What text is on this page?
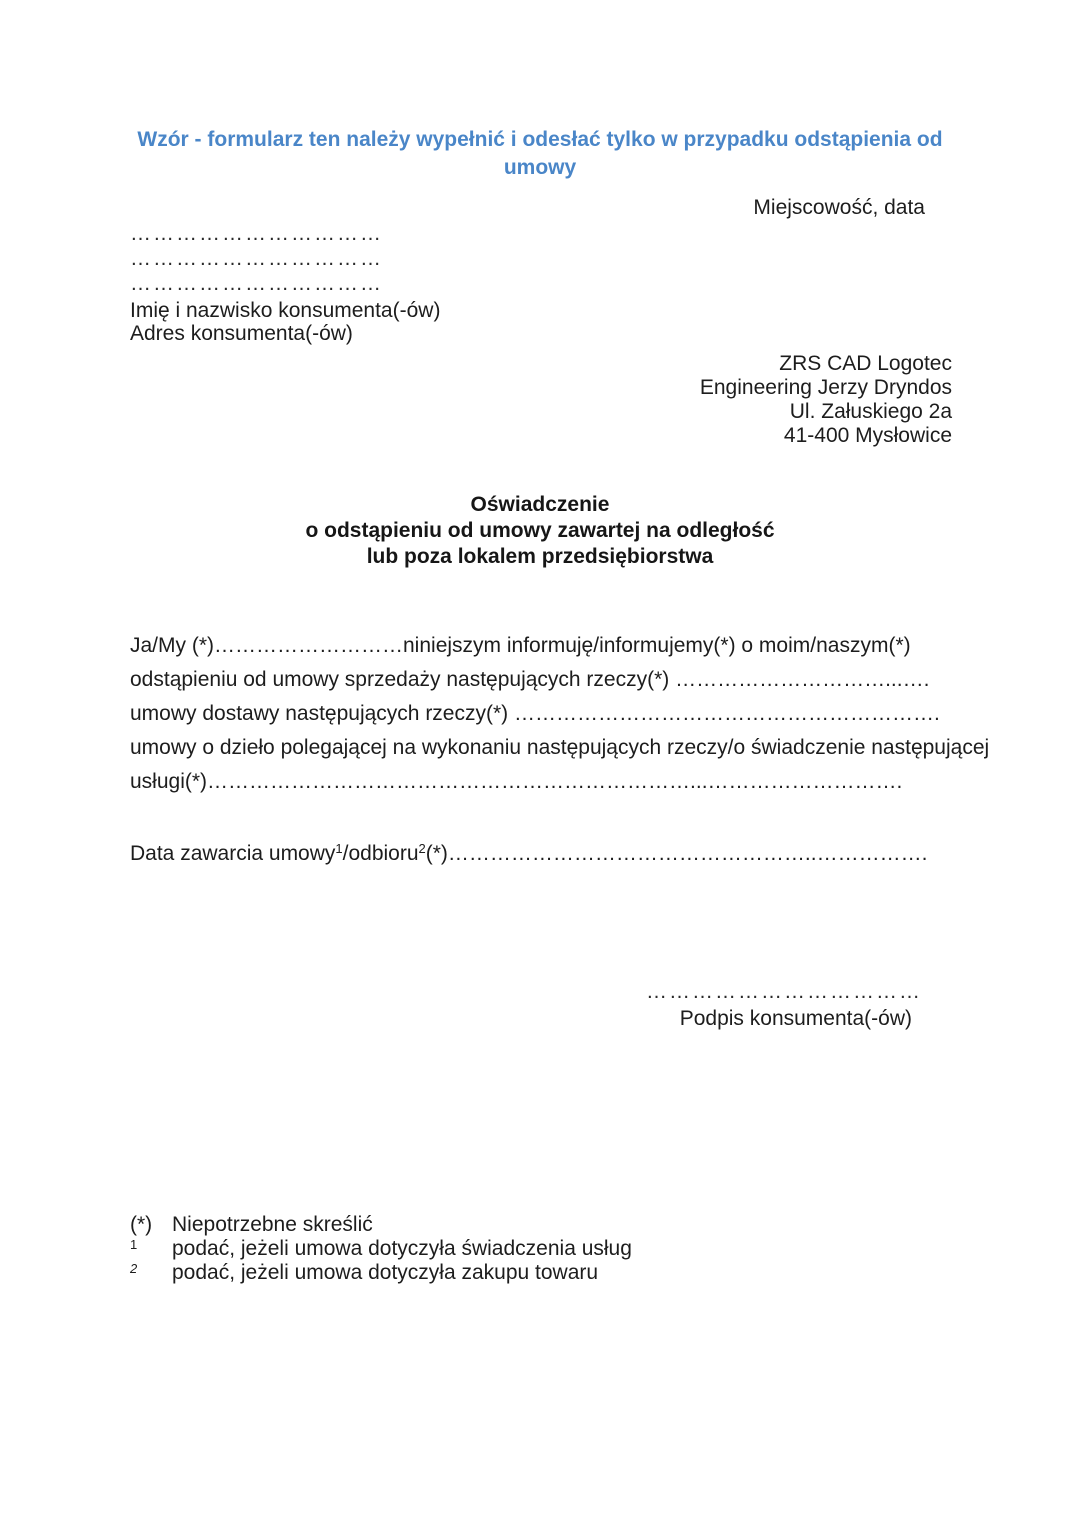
Wzór - formularz ten należy wypełnić i odesłać tylko w przypadku odstąpienia od
umowy
Miejscowość, data
……………………………
……………………………
……………………………
Imię i nazwisko konsumenta(-ów)
Adres konsumenta(-ów)
ZRS CAD Logotec
Engineering Jerzy Dryndos
Ul. Załuskiego 2a
41-400 Mysłowice
Oświadczenie
o odstąpieniu od umowy zawartej na odległość
lub poza lokalem przedsiębiorstwa
Ja/My (*)………………………niniejszym informuję/informujemy(*) o moim/naszym(*)
odstąpieniu od umowy sprzedaży następujących rzeczy(*) …………………………...….
umowy dostawy następujących rzeczy(*) …………………………………………………….
umowy o dzieło polegającej na wykonaniu następujących rzeczy/o świadczenie następującej
usługi(*)……………………………………………………………...……………………….
Data zawarcia umowy$^1$/odbioru$^2$(*)……………………………………………..…………….
………………………………
Podpis konsumenta(-ów)
(*) Niepotrzebne skreślić
$^1$ podać, jeżeli umowa dotyczyła świadczenia usług
$^2$ podać, jeżeli umowa dotyczyła zakupu towaru
